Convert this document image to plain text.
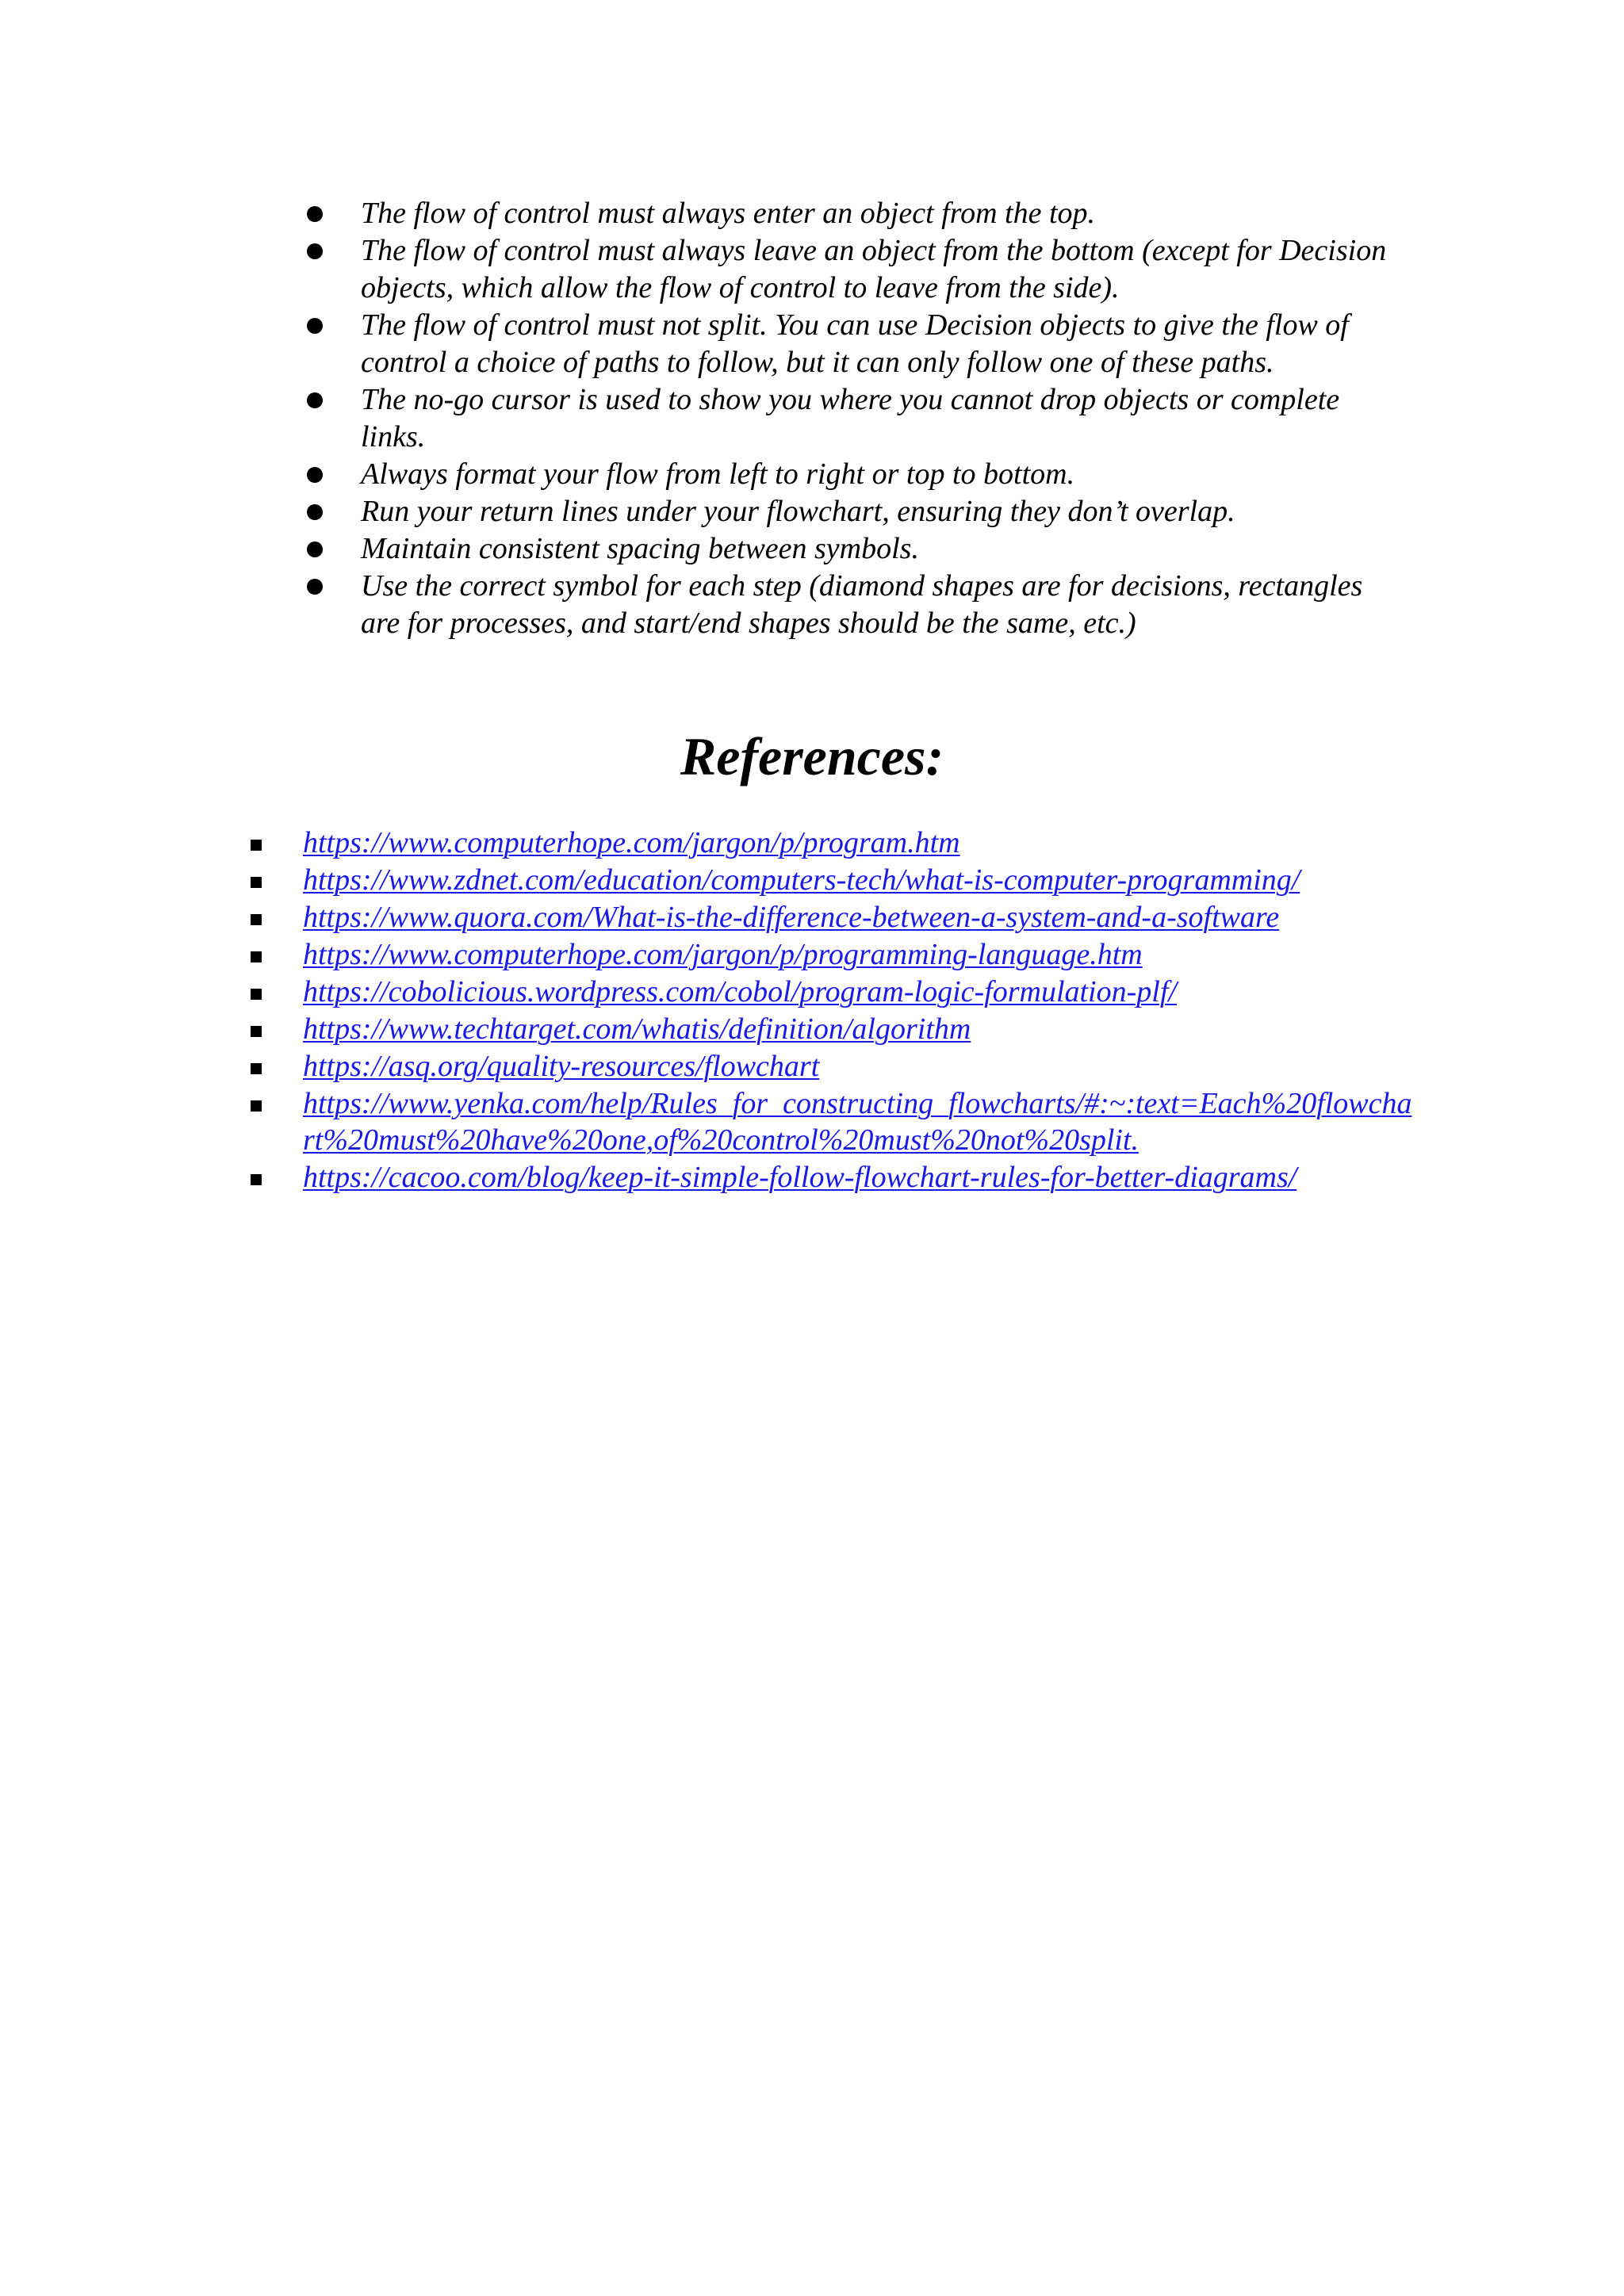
The flow of control must always enter an object from the top.
The flow of control must always leave an object from the bottom (except for Decision objects, which allow the flow of control to leave from the side).
The flow of control must not split. You can use Decision objects to give the flow of control a choice of paths to follow, but it can only follow one of these paths.
The no-go cursor is used to show you where you cannot drop objects or complete links.
Always format your flow from left to right or top to bottom.
Run your return lines under your flowchart, ensuring they don’t overlap.
Maintain consistent spacing between symbols.
Use the correct symbol for each step (diamond shapes are for decisions, rectangles are for processes, and start/end shapes should be the same, etc.)
References:
https://www.computerhope.com/jargon/p/program.htm
https://www.zdnet.com/education/computers-tech/what-is-computer-programming/
https://www.quora.com/What-is-the-difference-between-a-system-and-a-software
https://www.computerhope.com/jargon/p/programming-language.htm
https://cobolicious.wordpress.com/cobol/program-logic-formulation-plf/
https://www.techtarget.com/whatis/definition/algorithm
https://asq.org/quality-resources/flowchart
https://www.yenka.com/help/Rules_for_constructing_flowcharts/#:~:text=Each%20flowchart%20must%20have%20one,of%20control%20must%20not%20split.
https://cacoo.com/blog/keep-it-simple-follow-flowchart-rules-for-better-diagrams/
